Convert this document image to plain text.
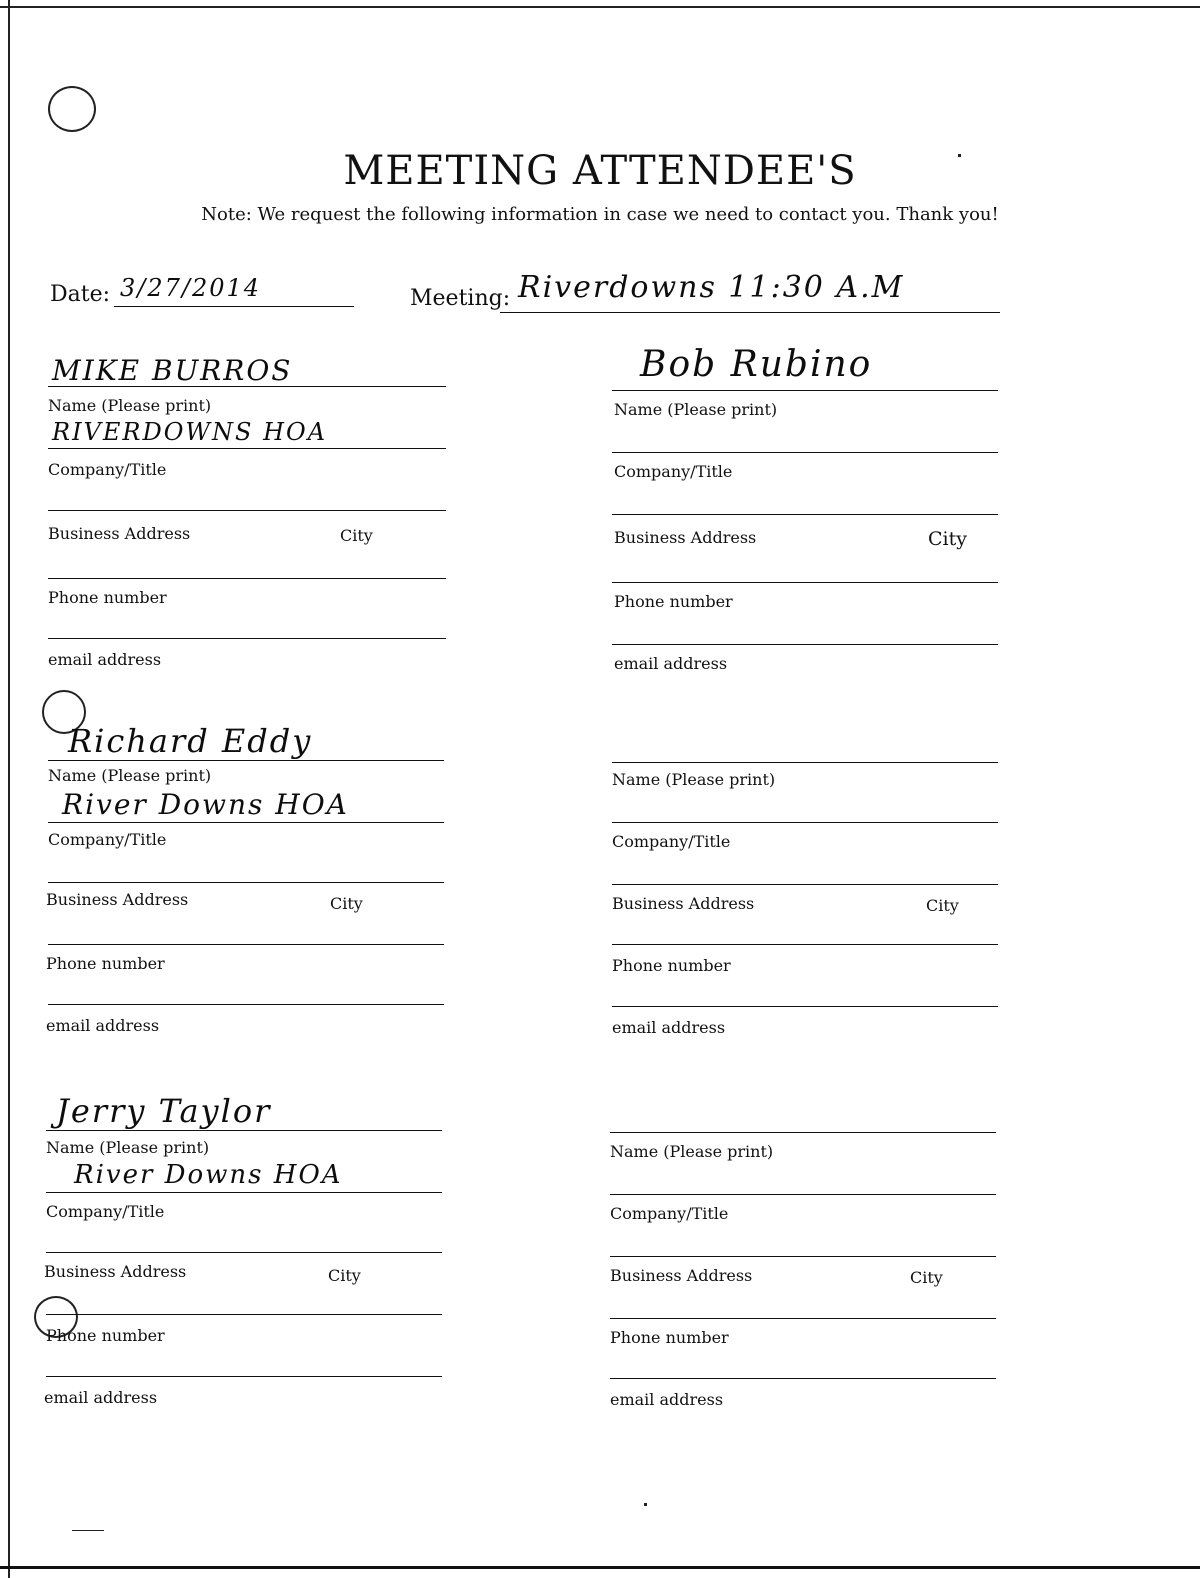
MEETING ATTENDEE'S
Note: We request the following information in case we need to contact you. Thank you!
Date: 3/27/2014	Meeting: Riverdowns 11:30 A.M
MIKE BURROS
Name (Please print)
RIVERDOWNS HOA
Company/Title
Business Address	City
Phone number
email address
Bob Rubino
Name (Please print)
Company/Title
Business Address	City
Phone number
email address
Richard Eddy
Name (Please print)
River Downs HOA
Company/Title
Business Address	City
Phone number
email address
Name (Please print)
Company/Title
Business Address	City
Phone number
email address
Jerry Taylor
Name (Please print)
River Downs HOA
Company/Title
Business Address	City
Phone number
email address
Name (Please print)
Company/Title
Business Address	City
Phone number
email address
